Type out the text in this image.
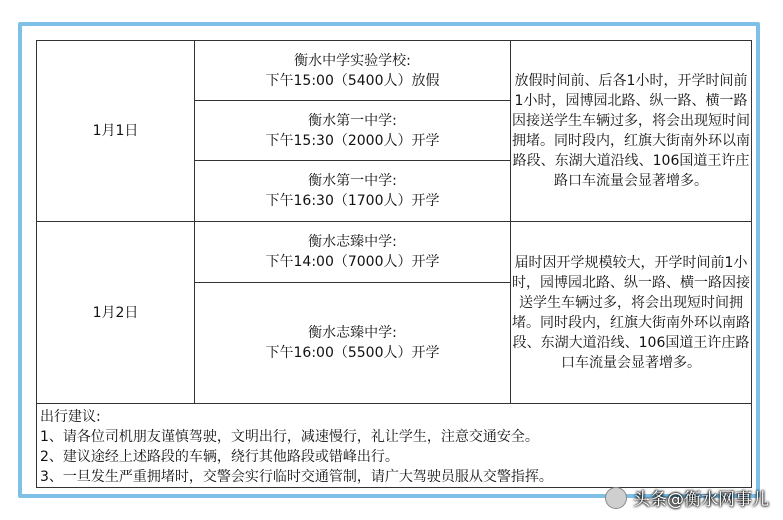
1月1日	衡水中学实验学校:
下午15:00（5400人）放假	放假时间前、后各1小时，开学时间前1小时，园博园北路、纵一路、横一路因接送学生车辆过多，将会出现短时间拥堵。同时段内，红旗大街南外环以南路段、东湖大道沿线、106国道王许庄路口车流量会显著增多。

	衡水第一中学:
下午15:30（2000人）开学	

	衡水第一中学:
下午16:30（1700人）开学	

1月2日	衡水志臻中学:
下午14:00（7000人）开学	届时因开学规模较大，开学时间前1小时，园博园北路、纵一路、横一路因接送学生车辆过多，将会出现短时间拥堵。同时段内，红旗大街南外环以南路段、东湖大道沿线、106国道王许庄路口车流量会显著增多。

	衡水志臻中学:
下午16:00（5500人）开学	

出行建议:
1、请各位司机朋友谨慎驾驶，文明出行，减速慢行，礼让学生，注意交通安全。
2、建议途经上述路段的车辆，绕行其他路段或错峰出行。
3、一旦发生严重拥堵时，交警会实行临时交通管制，请广大驾驶员服从交警指挥。		
头条@衡水网事儿
